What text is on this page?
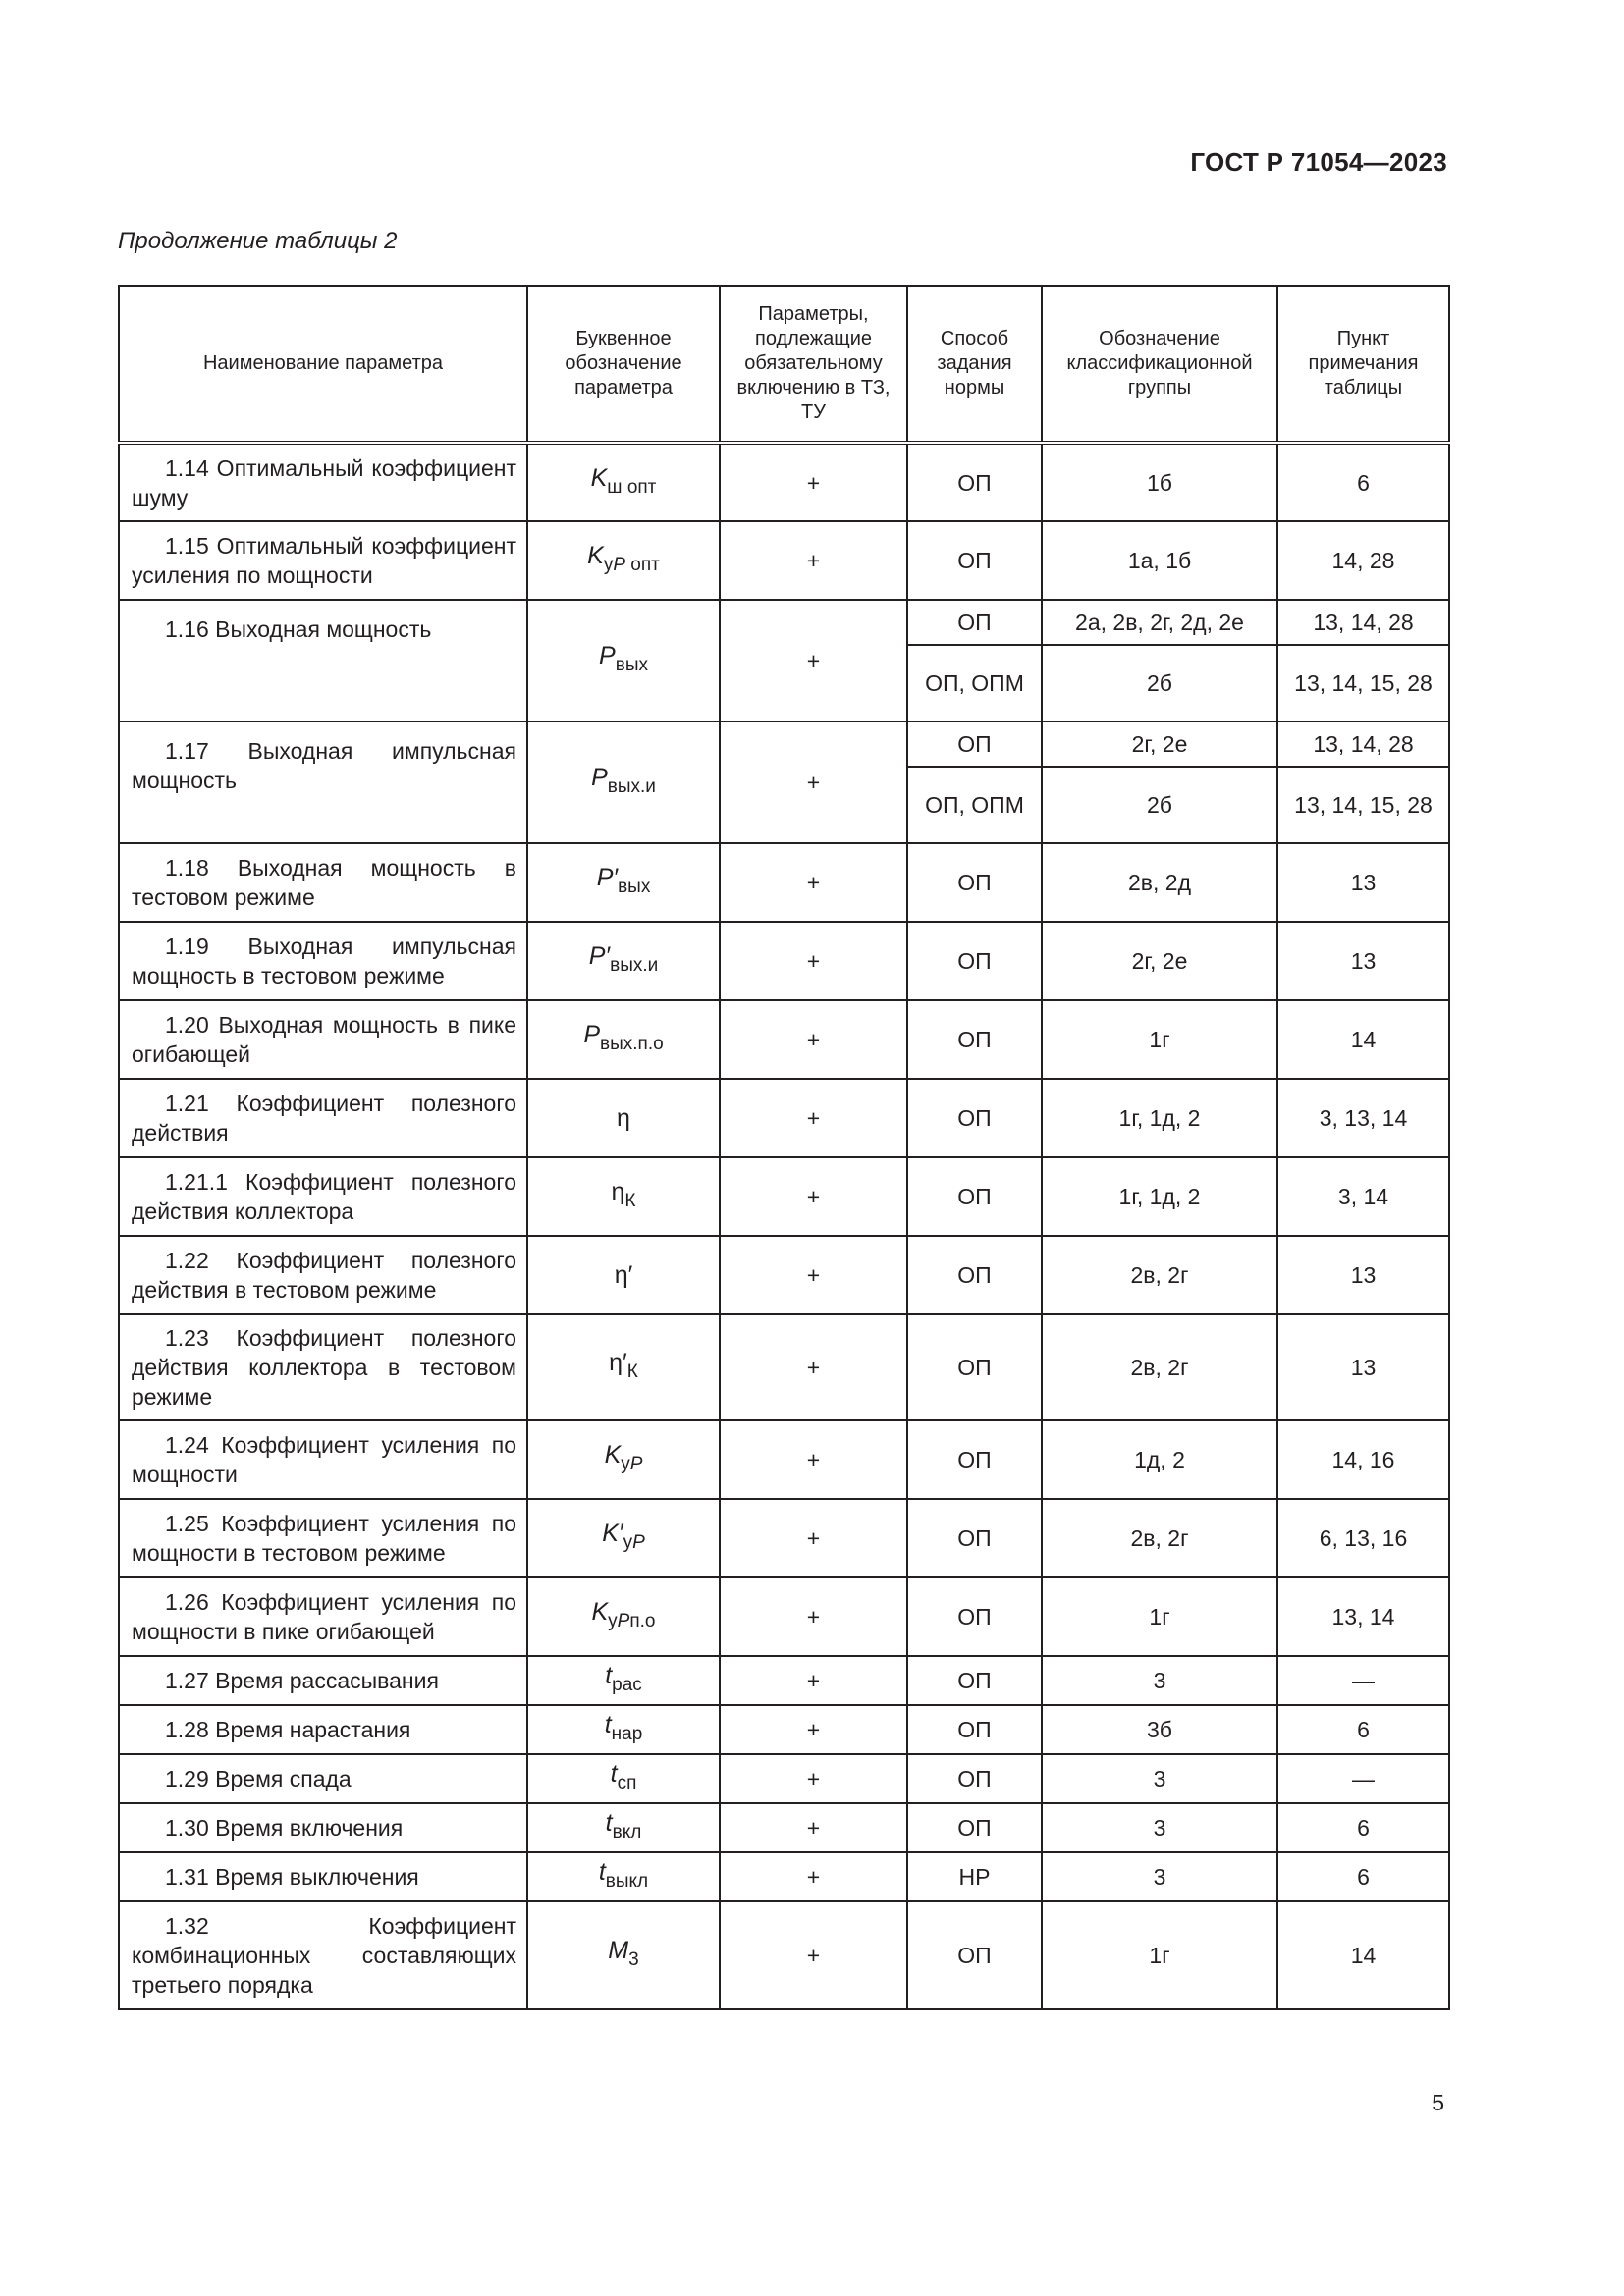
ГОСТ Р 71054—2023
Продолжение таблицы 2
Наименование параметра	Буквенное обозначение параметра	Параметры, подлежащие обязательному включению в ТЗ, ТУ	Способ задания нормы	Обозначение классификационной группы	Пункт примечания таблицы
1.14 Оптимальный коэффициент шуму	$K_{ш опт}$	+	ОП	1б	6
1.15 Оптимальный коэффициент усиления по мощности	$K_{уP опт}$	+	ОП	1а, 1б	14, 28
1.16 Выходная мощность	$P_{вых}$	+	ОП	2а, 2в, 2г, 2д, 2е	13, 14, 28
			ОП, ОПМ	2б	13, 14, 15, 28
1.17 Выходная импульсная мощность	$P_{вых.и}$	+	ОП	2г, 2е	13, 14, 28
			ОП, ОПМ	2б	13, 14, 15, 28
1.18 Выходная мощность в тестовом режиме	$P'_{вых}$	+	ОП	2в, 2д	13
1.19 Выходная импульсная мощность в тестовом режиме	$P'_{вых.и}$	+	ОП	2г, 2е	13
1.20 Выходная мощность в пике огибающей	$P_{вых.п.о}$	+	ОП	1г	14
1.21 Коэффициент полезного действия	η	+	ОП	1г, 1д, 2	3, 13, 14
1.21.1 Коэффициент полезного действия коллектора	$\eta_К$	+	ОП	1г, 1д, 2	3, 14
1.22 Коэффициент полезного действия в тестовом режиме	η′	+	ОП	2в, 2г	13
1.23 Коэффициент полезного действия коллектора в тестовом режиме	$\eta'_К$	+	ОП	2в, 2г	13
1.24 Коэффициент усиления по мощности	$K_{уP}$	+	ОП	1д, 2	14, 16
1.25 Коэффициент усиления по мощности в тестовом режиме	$K'_{уP}$	+	ОП	2в, 2г	6, 13, 16
1.26 Коэффициент усиления по мощности в пике огибающей	$K_{уPп.о}$	+	ОП	1г	13, 14
1.27 Время рассасывания	$t_{рас}$	+	ОП	3	—
1.28 Время нарастания	$t_{нар}$	+	ОП	3б	6
1.29 Время спада	$t_{сп}$	+	ОП	3	—
1.30 Время включения	$t_{вкл}$	+	ОП	3	6
1.31 Время выключения	$t_{выкл}$	+	НР	3	6
1.32 Коэффициент комбинационных составляющих третьего порядка	$M_3$	+	ОП	1г	14
5
